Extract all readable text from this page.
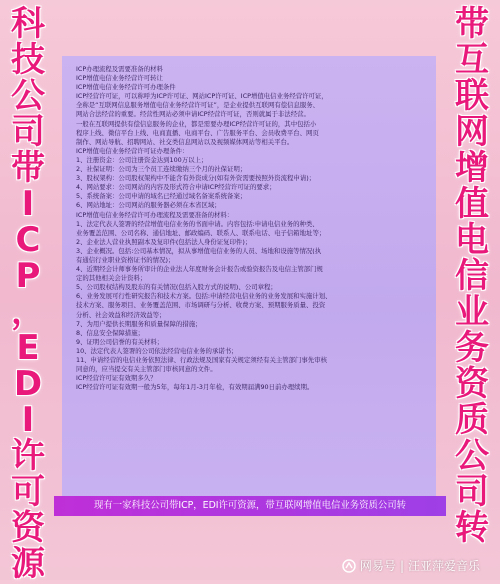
科
技
公
司
带
I
C
P
，
E
D
I
许
可
资
源
带
互
联
网
增
值
电
信
业
务
资
质
公
司
转

ICP办理流程及需要准备的材料

ICP增值电信业务经营许可转让

ICP增值电信业务经营许可办理条件

ICP经营许可证，可以称呼为ICP许可证、网站ICP许可证、ICP增值电信业务经营许可证，

全称是“互联网信息服务增值电信业务经营许可证”，是企业提供互联网有偿信息服务、

网站合法经营的重要。经营性网站必须申请ICP经营许可证，否则就属于非法经营。

一般在互联网提供有偿信息服务的企业，都是需要办理ICP经营许可证的，其中包括小

程序上线、微信平台上线、电商直播、电商平台、广告服务平台、会员收费平台、网页

制作、网站导航、招聘网站、社交类信息网站以及视频媒体网站等相关平台。

ICP增值电信业务经营许可证办理条件：

1、注册资金：公司注册资金达到100万以上；

2、社保证明：公司为三个员工连续缴纳三个月的社保证明；

3、股权架构：公司股权架构中不能含有外资成分(如有外资需要按照外资流程申请)；

4、网站要求：公司网站的内容及形式符合申请ICP经营许可证的要求；

5、系统备案：公司申请的域名已经通过域名备案系统备案；

6、网站地址：公司网站的服务器必须在本省区域；

ICP增值电信业务经营许可办理流程及需要准备的材料：

1、法定代表人签署的经营增值电信业务的书面申请。内容包括:申请电信业务的种类、

业务覆盖范围、公司名称、通信地址、邮政编码、联系人、联系电话、电子信箱地址等；

2、企业法人营业执照副本及复印件(包括法人身份证复印件)；

3、企业概况。包括:公司基本情况，拟从事增值电信业务的人员、场地和设施等情况(执

有通信行业职业资格证书的情况)；

4、近期经会计师事务所审计的企业法人年度财务会计报告或验资报告及电信主管部门规

定的其他相关会计资料；

5、公司股权结构及股东的有关情况(包括入股方式的说明)、公司章程；

6、业务发展可行性研究报告和技术方案。包括:申请经营电信业务的业务发展和实施计划、

技术方案、服务项目、业务覆盖范围、市场调研与分析、收费方案、预期服务质量、投资

分析、社会效益和经济效益等；

7、为用户提供长期服务和质量保障的措施；

8、信息安全保障措施；

9、证明公司信誉的有关材料；

10、法定代表人签署的公司依法经营电信业务的承诺书；

11、申请经营的电信业务依照法律、行政法规及国家有关规定须经有关主管部门事先审核

同意的，应当提交有关主管部门审核同意的文件。

ICP经营许可证有效期多久？

ICP经营许可证有效期一般为5年，每年1月-3月年检，有效期届满90日前办理续期。

现有一家科技公司带ICP，EDI许可资源，带互联网增值电信业务资质公司转
网易号 | 汪亚萍爱音乐
